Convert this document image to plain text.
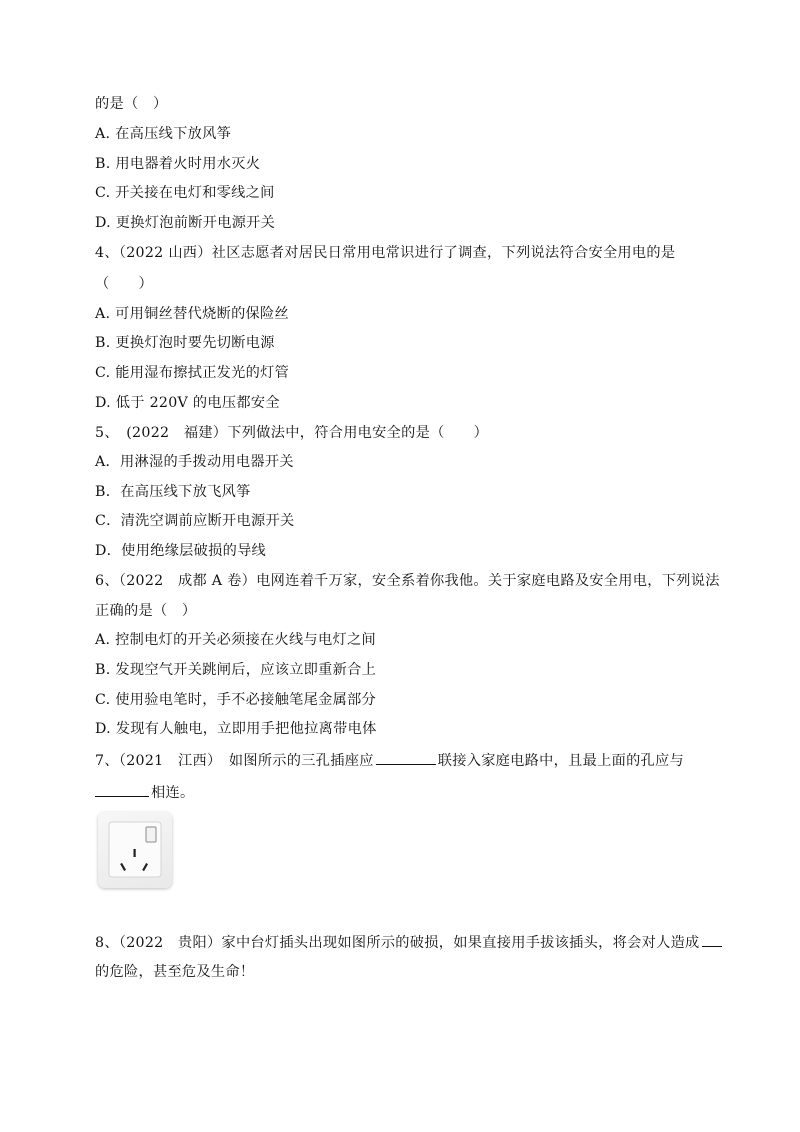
的是（　）
A. 在高压线下放风筝
B. 用电器着火时用水灭火
C. 开关接在电灯和零线之间
D. 更换灯泡前断开电源开关
4、（2022 山西）社区志愿者对居民日常用电常识进行了调查，下列说法符合安全用电的是
（　　）
A. 可用铜丝替代烧断的保险丝
B. 更换灯泡时要先切断电源
C. 能用湿布擦拭正发光的灯管
D. 低于 220V 的电压都安全
5、　(2022　福建）下列做法中，符合用电安全的是（　　）
A．用淋湿的手拨动用电器开关
B．在高压线下放飞风筝
C．清洗空调前应断开电源开关
D．使用绝缘层破损的导线
6、（2022　成都 A 卷）电网连着千万家，安全系着你我他。关于家庭电路及安全用电，下列说法
正确的是（　）
A. 控制电灯的开关必须接在火线与电灯之间
B. 发现空气开关跳闸后，应该立即重新合上
C. 使用验电笔时，手不必接触笔尾金属部分
D. 发现有人触电，立即用手把他拉离带电体
7、（2021　江西）　如图所示的三孔插座应	联接入家庭电路中，且最上面的孔应与
相连。
8、（2022　贵阳）家中台灯插头出现如图所示的破损，如果直接用手拔该插头，将会对人造成
的危险，甚至危及生命！
